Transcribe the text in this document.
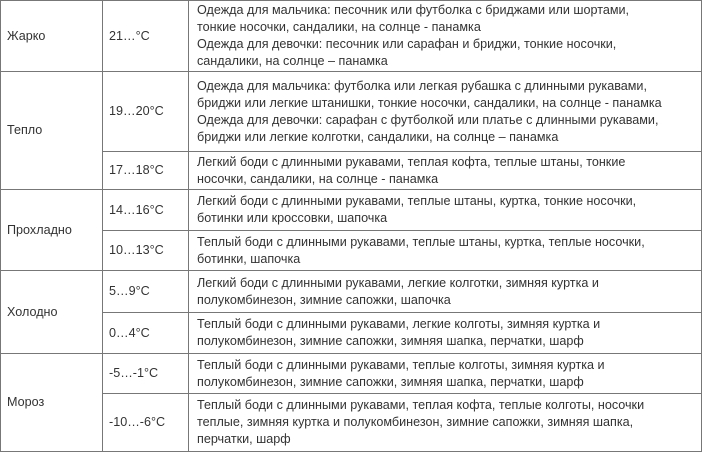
Жарко	21…°C	Одежда для мальчика: песочник или футболка с бриджами или шортами,
тонкие носочки, сандалики, на солнце - панамка
Одежда для девочки: песочник или сарафан и бриджи, тонкие носочки,
сандалики, на солнце – панамка
Тепло	19…20°C	Одежда для мальчика: футболка или легкая рубашка с длинными рукавами,
бриджи или легкие штанишки, тонкие носочки, сандалики, на солнце - панамка
Одежда для девочки: сарафан с футболкой или платье с длинными рукавами,
бриджи или легкие колготки, сандалики, на солнце – панамка
	17…18°C	Легкий боди с длинными рукавами, теплая кофта, теплые штаны, тонкие
носочки, сандалики, на солнце - панамка
Прохладно	14…16°C	Легкий боди с длинными рукавами, теплые штаны, куртка, тонкие носочки,
ботинки или кроссовки, шапочка
	10…13°C	Теплый боди с длинными рукавами, теплые штаны, куртка, теплые носочки,
ботинки, шапочка
Холодно	5…9°C	Легкий боди с длинными рукавами, легкие колготки, зимняя куртка и
полукомбинезон, зимние сапожки, шапочка
	0…4°C	Теплый боди с длинными рукавами, легкие колготы, зимняя куртка и
полукомбинезон, зимние сапожки, зимняя шапка, перчатки, шарф
Мороз	-5…-1°C	Теплый боди с длинными рукавами, теплые колготы, зимняя куртка и
полукомбинезон, зимние сапожки, зимняя шапка, перчатки, шарф
	-10…-6°C	Теплый боди с длинными рукавами, теплая кофта, теплые колготы, носочки
теплые, зимняя куртка и полукомбинезон, зимние сапожки, зимняя шапка,
перчатки, шарф
